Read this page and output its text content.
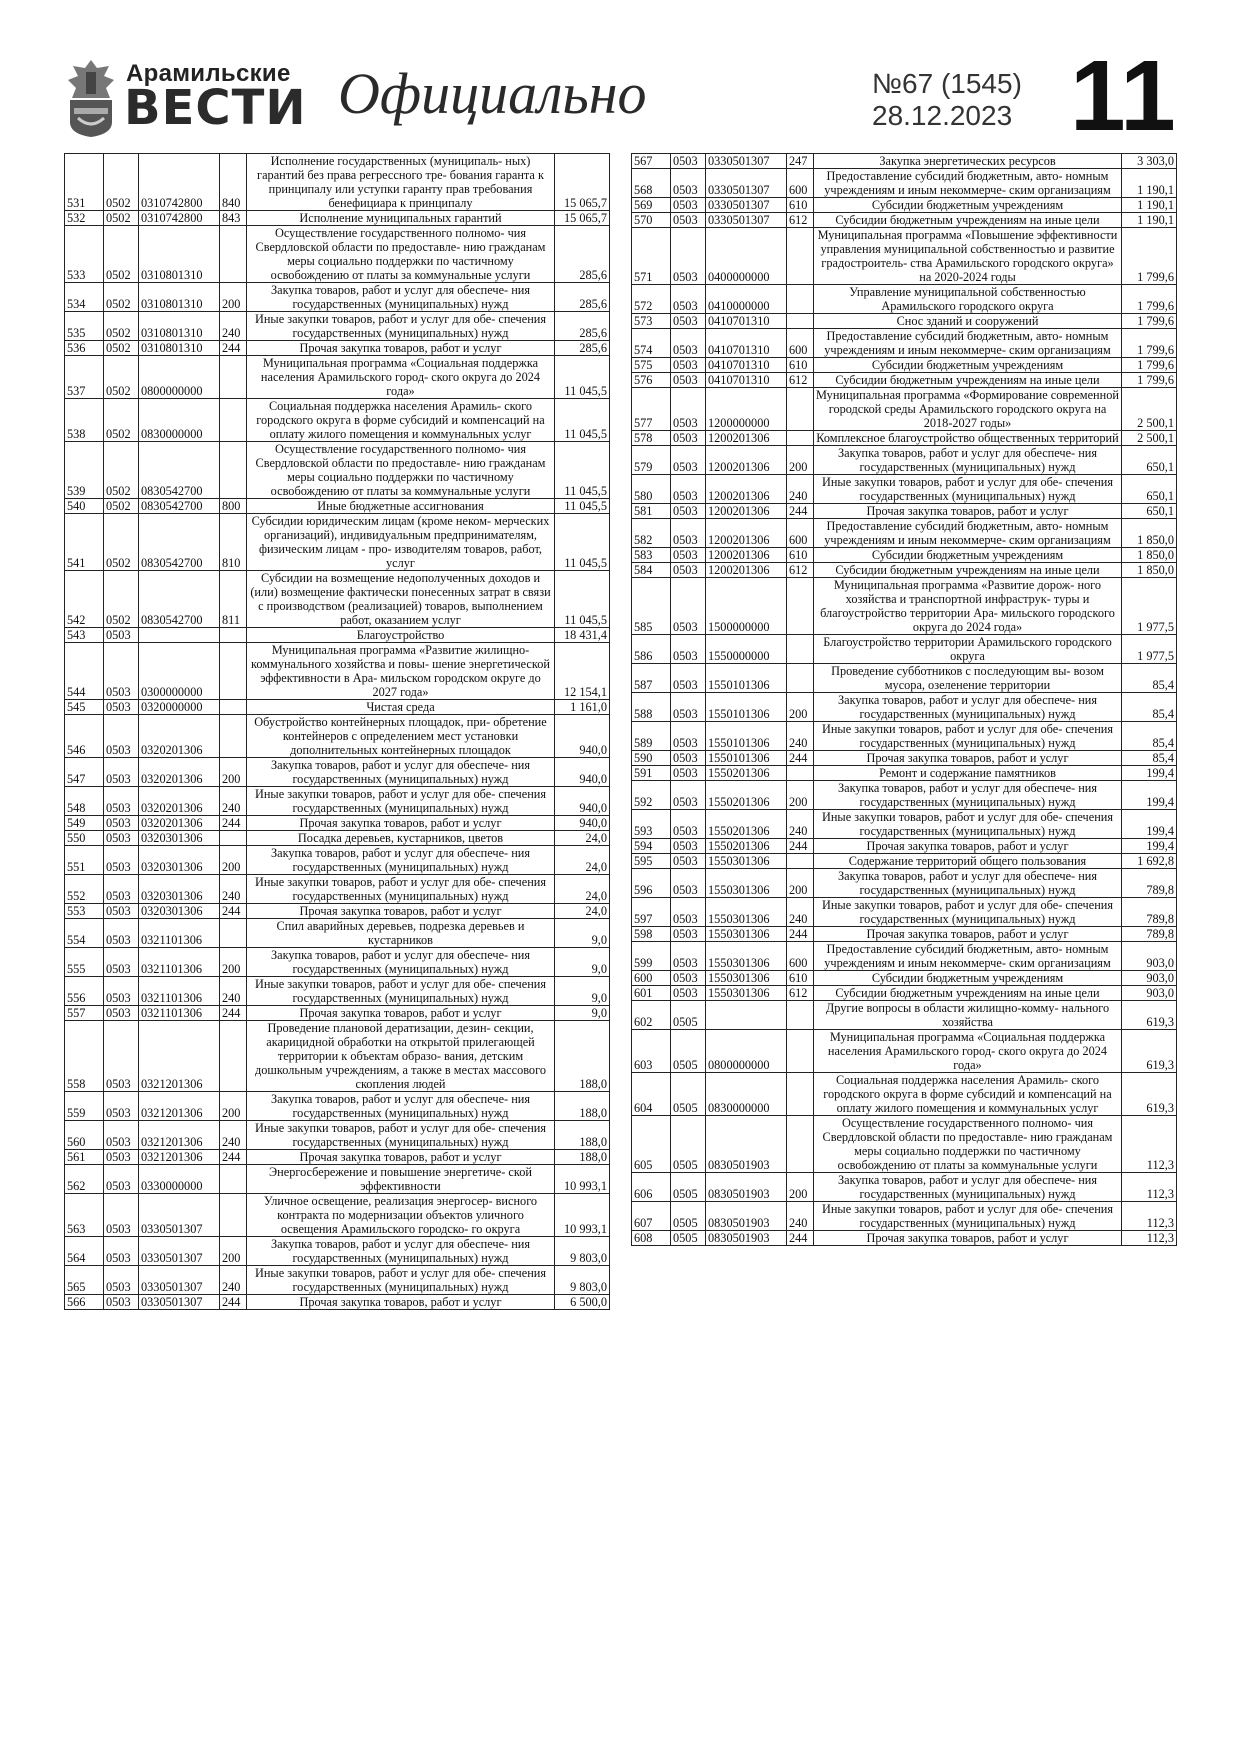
Арамильские
ВЕСТИ Официально	№67 (1545)
28.12.2023 11
531	0502	0310742800	840	Исполнение государственных (муниципаль- ных) гарантий без права регрессного тре- бования гаранта к принципалу или уступки гаранту прав требования бенефициара к принципалу	15 065,7
532	0502	0310742800	843	Исполнение муниципальных гарантий	15 065,7
533	0502	0310801310		Осуществление государственного полномо- чия Свердловской области по предоставле- нию гражданам меры социально поддержки по частичному освобождению от платы за коммунальные услуги	285,6
534	0502	0310801310	200	Закупка товаров, работ и услуг для обеспече- ния государственных (муниципальных) нужд	285,6
535	0502	0310801310	240	Иные закупки товаров, работ и услуг для обе- спечения государственных (муниципальных) нужд	285,6
536	0502	0310801310	244	Прочая закупка товаров, работ и услуг	285,6
537	0502	0800000000		Муниципальная программа «Социальная поддержка населения Арамильского город- ского округа до 2024 года»	11 045,5
538	0502	0830000000		Социальная поддержка населения Арамиль- ского городского округа в форме субсидий и компенсаций на оплату жилого помещения и коммунальных услуг	11 045,5
539	0502	0830542700		Осуществление государственного полномо- чия Свердловской области по предоставле- нию гражданам меры социально поддержки по частичному освобождению от платы за коммунальные услуги	11 045,5
540	0502	0830542700	800	Иные бюджетные ассигнования	11 045,5
541	0502	0830542700	810	Субсидии юридическим лицам (кроме неком- мерческих организаций), индивидуальным предпринимателям, физическим лицам - про- изводителям товаров, работ, услуг	11 045,5
542	0502	0830542700	811	Субсидии на возмещение недополученных доходов и (или) возмещение фактически понесенных затрат в связи с производством (реализацией) товаров, выполнением работ, оказанием услуг	11 045,5
543	0503			Благоустройство	18 431,4
544	0503	0300000000		Муниципальная программа «Развитие жилищно-коммунального хозяйства и повы- шение энергетической эффективности в Ара- мильском городском округе до 2027 года»	12 154,1
545	0503	0320000000		Чистая среда	1 161,0
546	0503	0320201306		Обустройство контейнерных площадок, при- обретение контейнеров с определением мест установки дополнительных контейнерных площадок	940,0
547	0503	0320201306	200	Закупка товаров, работ и услуг для обеспече- ния государственных (муниципальных) нужд	940,0
548	0503	0320201306	240	Иные закупки товаров, работ и услуг для обе- спечения государственных (муниципальных) нужд	940,0
549	0503	0320201306	244	Прочая закупка товаров, работ и услуг	940,0
550	0503	0320301306		Посадка деревьев, кустарников, цветов	24,0
551	0503	0320301306	200	Закупка товаров, работ и услуг для обеспече- ния государственных (муниципальных) нужд	24,0
552	0503	0320301306	240	Иные закупки товаров, работ и услуг для обе- спечения государственных (муниципальных) нужд	24,0
553	0503	0320301306	244	Прочая закупка товаров, работ и услуг	24,0
554	0503	0321101306		Спил аварийных деревьев, подрезка деревьев и кустарников	9,0
555	0503	0321101306	200	Закупка товаров, работ и услуг для обеспече- ния государственных (муниципальных) нужд	9,0
556	0503	0321101306	240	Иные закупки товаров, работ и услуг для обе- спечения государственных (муниципальных) нужд	9,0
557	0503	0321101306	244	Прочая закупка товаров, работ и услуг	9,0
558	0503	0321201306		Проведение плановой дератизации, дезин- секции, акарицидной обработки на открытой прилегающей территории к объектам образо- вания, детским дошкольным учреждениям, а также в местах массового скопления людей	188,0
559	0503	0321201306	200	Закупка товаров, работ и услуг для обеспече- ния государственных (муниципальных) нужд	188,0
560	0503	0321201306	240	Иные закупки товаров, работ и услуг для обе- спечения государственных (муниципальных) нужд	188,0
561	0503	0321201306	244	Прочая закупка товаров, работ и услуг	188,0
562	0503	0330000000		Энергосбережение и повышение энергетиче- ской эффективности	10 993,1
563	0503	0330501307		Уличное освещение, реализация энергосер- висного контракта по модернизации объектов уличного освещения Арамильского городско- го округа	10 993,1
564	0503	0330501307	200	Закупка товаров, работ и услуг для обеспече- ния государственных (муниципальных) нужд	9 803,0
565	0503	0330501307	240	Иные закупки товаров, работ и услуг для обе- спечения государственных (муниципальных) нужд	9 803,0
566	0503	0330501307	244	Прочая закупка товаров, работ и услуг	6 500,0
567	0503	0330501307	247	Закупка энергетических ресурсов	3 303,0
568	0503	0330501307	600	Предоставление субсидий бюджетным, авто- номным учреждениям и иным некоммерче- ским организациям	1 190,1
569	0503	0330501307	610	Субсидии бюджетным учреждениям	1 190,1
570	0503	0330501307	612	Субсидии бюджетным учреждениям на иные цели	1 190,1
571	0503	0400000000		Муниципальная программа «Повышение эффективности управления муниципальной собственностью и развитие градостроитель- ства Арамильского городского округа» на 2020-2024 годы	1 799,6
572	0503	0410000000		Управление муниципальной собственностью Арамильского городского округа	1 799,6
573	0503	0410701310		Снос зданий и сооружений	1 799,6
574	0503	0410701310	600	Предоставление субсидий бюджетным, авто- номным учреждениям и иным некоммерче- ским организациям	1 799,6
575	0503	0410701310	610	Субсидии бюджетным учреждениям	1 799,6
576	0503	0410701310	612	Субсидии бюджетным учреждениям на иные цели	1 799,6
577	0503	1200000000		Муниципальная программа «Формирование современной городской среды Арамильского городского округа на 2018-2027 годы»	2 500,1
578	0503	1200201306		Комплексное благоустройство общественных территорий	2 500,1
579	0503	1200201306	200	Закупка товаров, работ и услуг для обеспече- ния государственных (муниципальных) нужд	650,1
580	0503	1200201306	240	Иные закупки товаров, работ и услуг для обе- спечения государственных (муниципальных) нужд	650,1
581	0503	1200201306	244	Прочая закупка товаров, работ и услуг	650,1
582	0503	1200201306	600	Предоставление субсидий бюджетным, авто- номным учреждениям и иным некоммерче- ским организациям	1 850,0
583	0503	1200201306	610	Субсидии бюджетным учреждениям	1 850,0
584	0503	1200201306	612	Субсидии бюджетным учреждениям на иные цели	1 850,0
585	0503	1500000000		Муниципальная программа «Развитие дорож- ного хозяйства и транспортной инфраструк- туры и благоустройство территории Ара- мильского городского округа до 2024 года»	1 977,5
586	0503	1550000000		Благоустройство территории Арамильского городского округа	1 977,5
587	0503	1550101306		Проведение субботников с последующим вы- возом мусора, озеленение территории	85,4
588	0503	1550101306	200	Закупка товаров, работ и услуг для обеспече- ния государственных (муниципальных) нужд	85,4
589	0503	1550101306	240	Иные закупки товаров, работ и услуг для обе- спечения государственных (муниципальных) нужд	85,4
590	0503	1550101306	244	Прочая закупка товаров, работ и услуг	85,4
591	0503	1550201306		Ремонт и содержание памятников	199,4
592	0503	1550201306	200	Закупка товаров, работ и услуг для обеспече- ния государственных (муниципальных) нужд	199,4
593	0503	1550201306	240	Иные закупки товаров, работ и услуг для обе- спечения государственных (муниципальных) нужд	199,4
594	0503	1550201306	244	Прочая закупка товаров, работ и услуг	199,4
595	0503	1550301306		Содержание территорий общего пользования	1 692,8
596	0503	1550301306	200	Закупка товаров, работ и услуг для обеспече- ния государственных (муниципальных) нужд	789,8
597	0503	1550301306	240	Иные закупки товаров, работ и услуг для обе- спечения государственных (муниципальных) нужд	789,8
598	0503	1550301306	244	Прочая закупка товаров, работ и услуг	789,8
599	0503	1550301306	600	Предоставление субсидий бюджетным, авто- номным учреждениям и иным некоммерче- ским организациям	903,0
600	0503	1550301306	610	Субсидии бюджетным учреждениям	903,0
601	0503	1550301306	612	Субсидии бюджетным учреждениям на иные цели	903,0
602	0505			Другие вопросы в области жилищно-комму- нального хозяйства	619,3
603	0505	0800000000		Муниципальная программа «Социальная поддержка населения Арамильского город- ского округа до 2024 года»	619,3
604	0505	0830000000		Социальная поддержка населения Арамиль- ского городского округа в форме субсидий и компенсаций на оплату жилого помещения и коммунальных услуг	619,3
605	0505	0830501903		Осуществление государственного полномо- чия Свердловской области по предоставле- нию гражданам меры социально поддержки по частичному освобождению от платы за коммунальные услуги	112,3
606	0505	0830501903	200	Закупка товаров, работ и услуг для обеспече- ния государственных (муниципальных) нужд	112,3
607	0505	0830501903	240	Иные закупки товаров, работ и услуг для обе- спечения государственных (муниципальных) нужд	112,3
608	0505	0830501903	244	Прочая закупка товаров, работ и услуг	112,3
